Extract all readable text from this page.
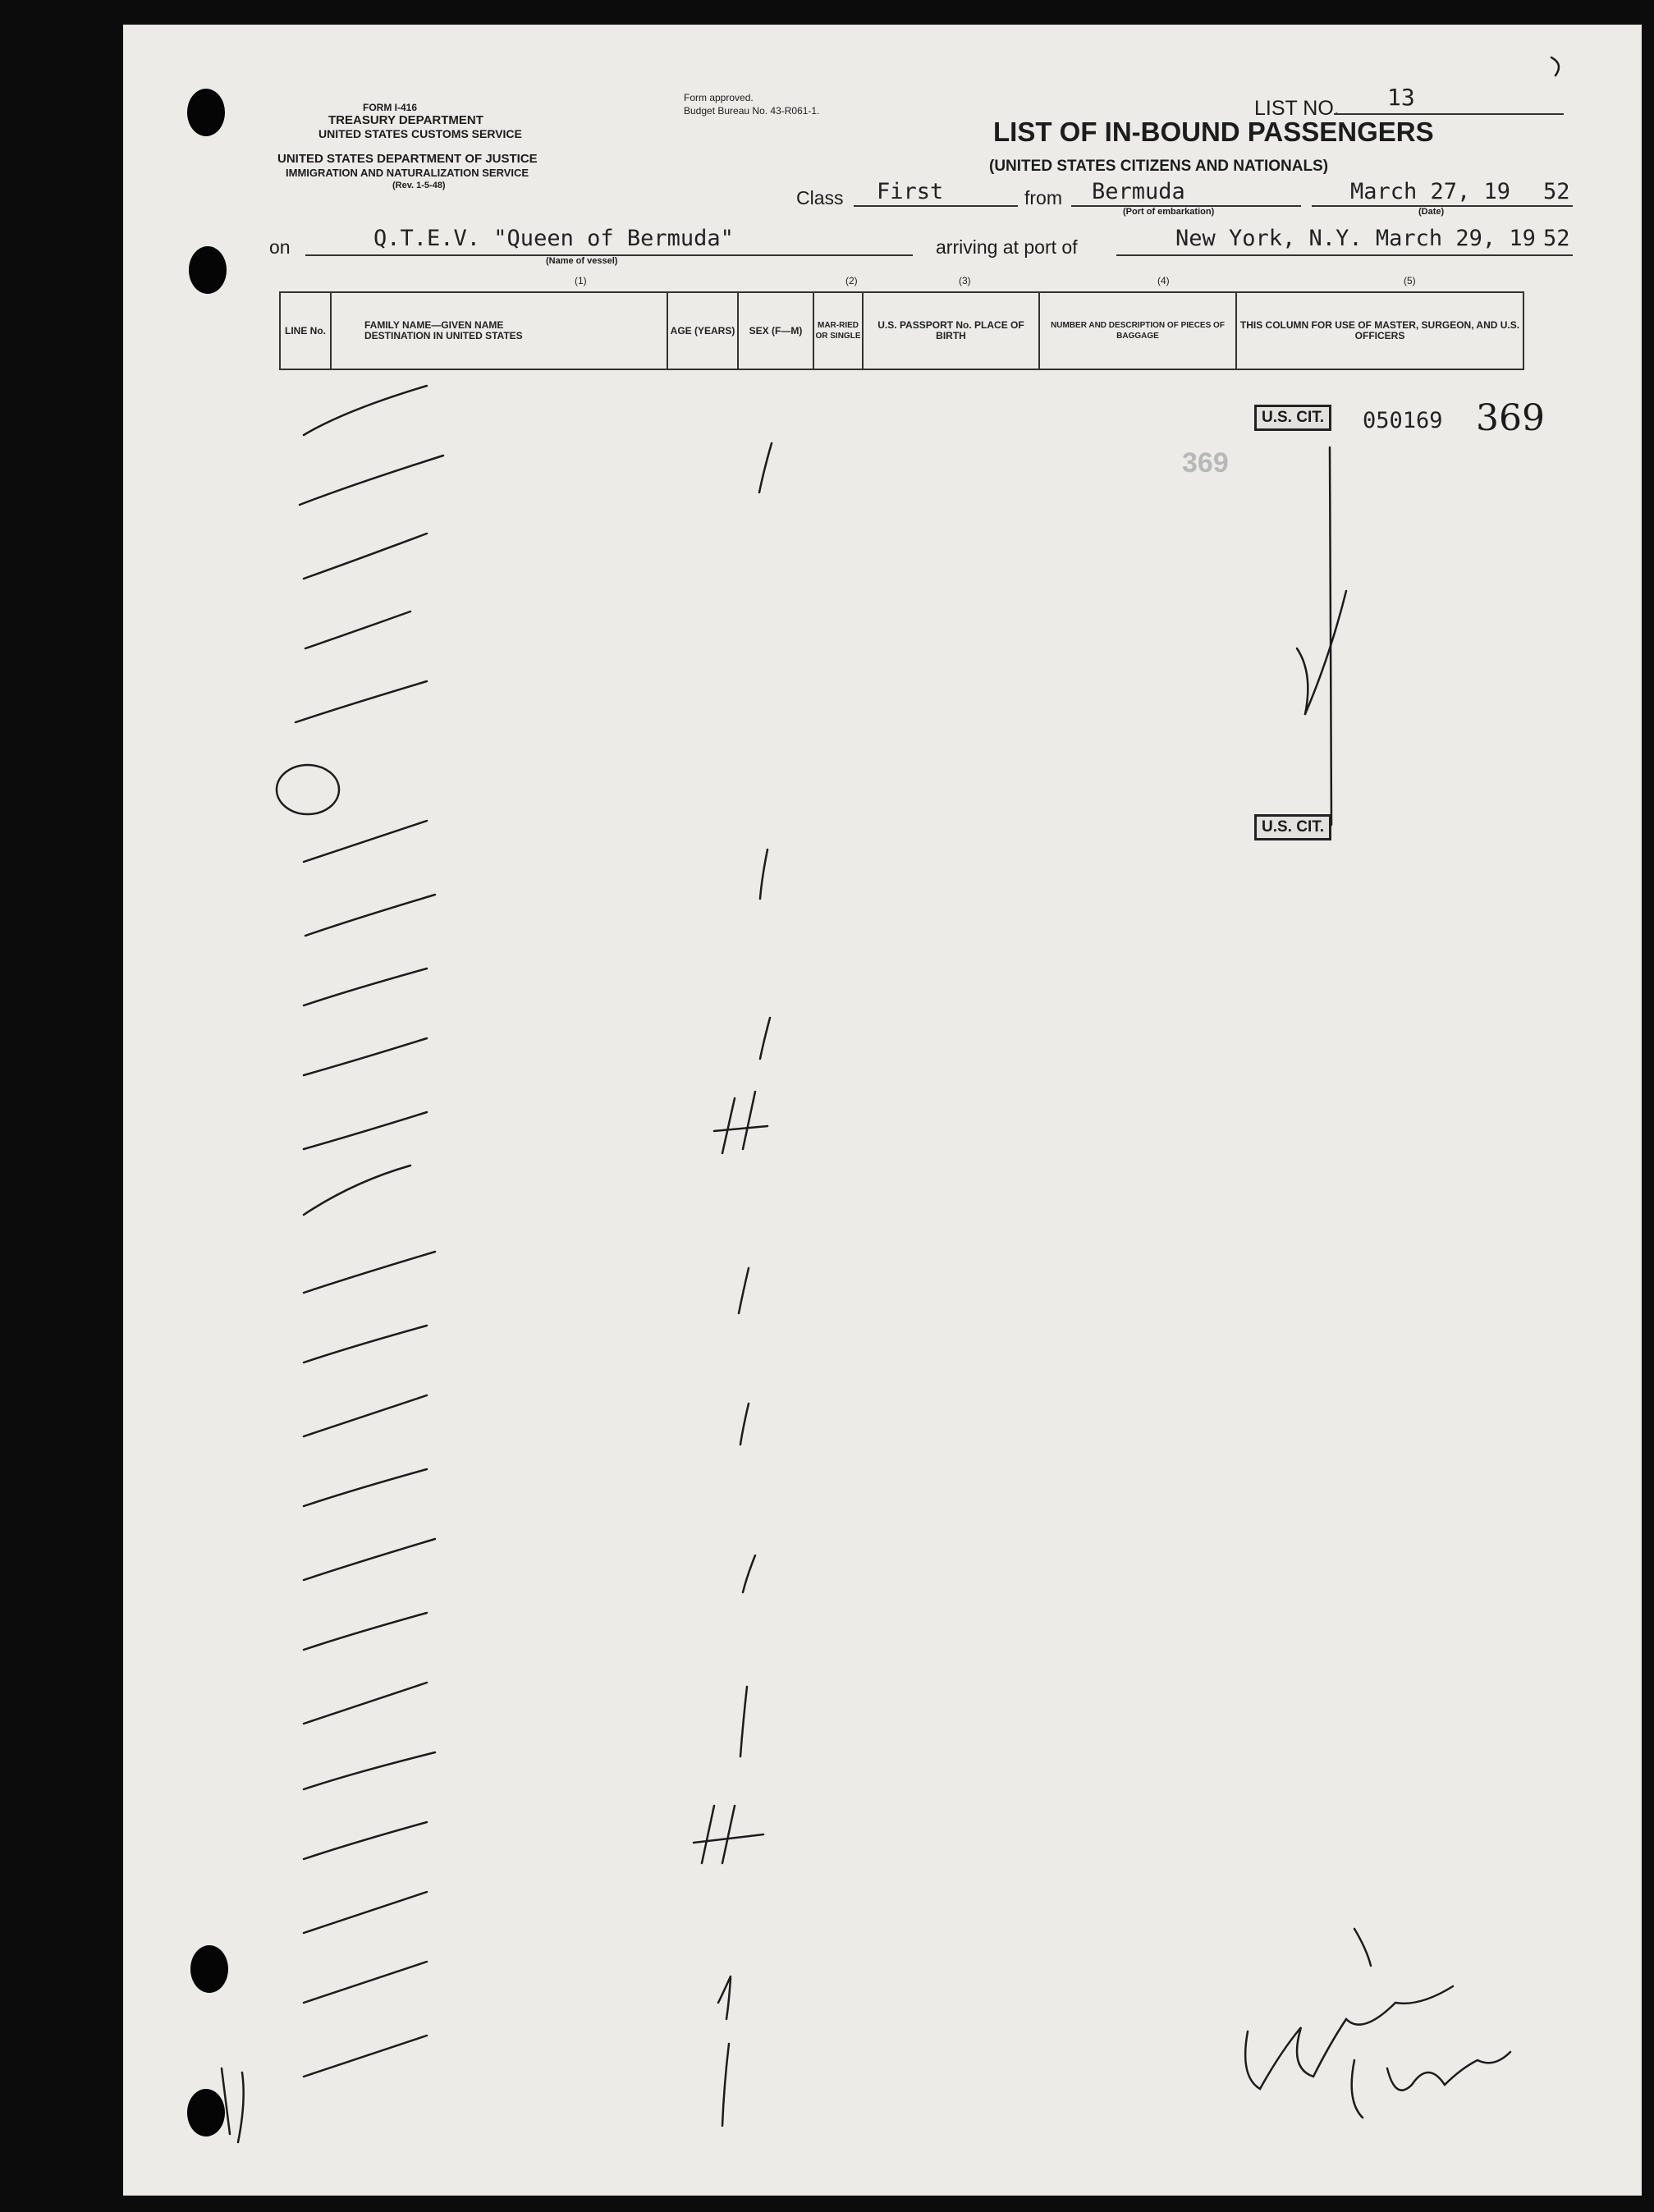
FORM I-416
TREASURY DEPARTMENT
UNITED STATES CUSTOMS SERVICE
UNITED STATES DEPARTMENT OF JUSTICE
IMMIGRATION AND NATURALIZATION SERVICE
(Rev. 1-5-48)
Form approved.
Budget Bureau No. 43-R061-1.	LIST NO. 13
LIST OF IN-BOUND PASSENGERS
(UNITED STATES CITIZENS AND NATIONALS)
Class First	from Bermuda
(Port of embarkation)
March 27, 19 52
(Date)
on	Q.T.E.V. "Queen of Bermuda"
(Name of vessel)
arriving at port of	New York, N.Y. March 29, 19 52
(1)	(2)	(3)	(4)	(5)
LINE No.	FAMILY NAME—GIVEN NAME
DESTINATION IN UNITED STATES	AGE (YEARS)	SEX (F—M)	MAR-RIED OR SINGLE	U.S. PASSPORT No. PLACE OF BIRTH	NUMBER AND DESCRIPTION OF PIECES OF BAGGAGE	THIS COLUMN FOR USE OF MASTER, SURGEON, AND U.S. OFFICERS
U.S. CIT.	050169 369
369
U.S. CIT.
